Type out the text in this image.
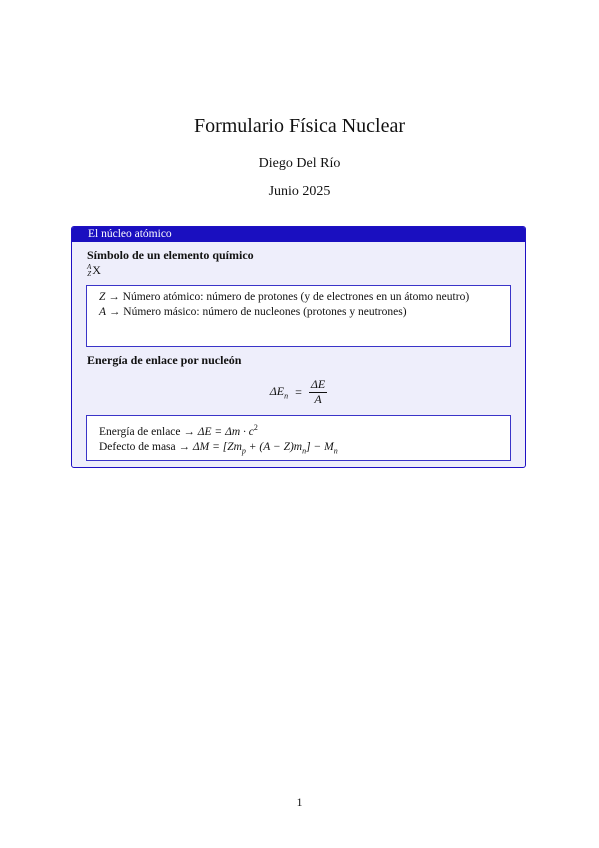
Formulario Física Nuclear
Diego Del Río
Junio 2025
El núcleo atómico
Símbolo de un elemento químico
A
ZX
Z → Número atómico: número de protones (y de electrones en un átomo neutro)
A → Número másico: número de nucleones (protones y neutrones)
Energía de enlace por nucleón
$\Delta E_n = \frac{\Delta E}{A}$
Energía de enlace → $\Delta E = \Delta m \cdot c^2$
Defecto de masa → $\Delta M = [Zm_p + (A - Z)m_n] - M_n$
1
